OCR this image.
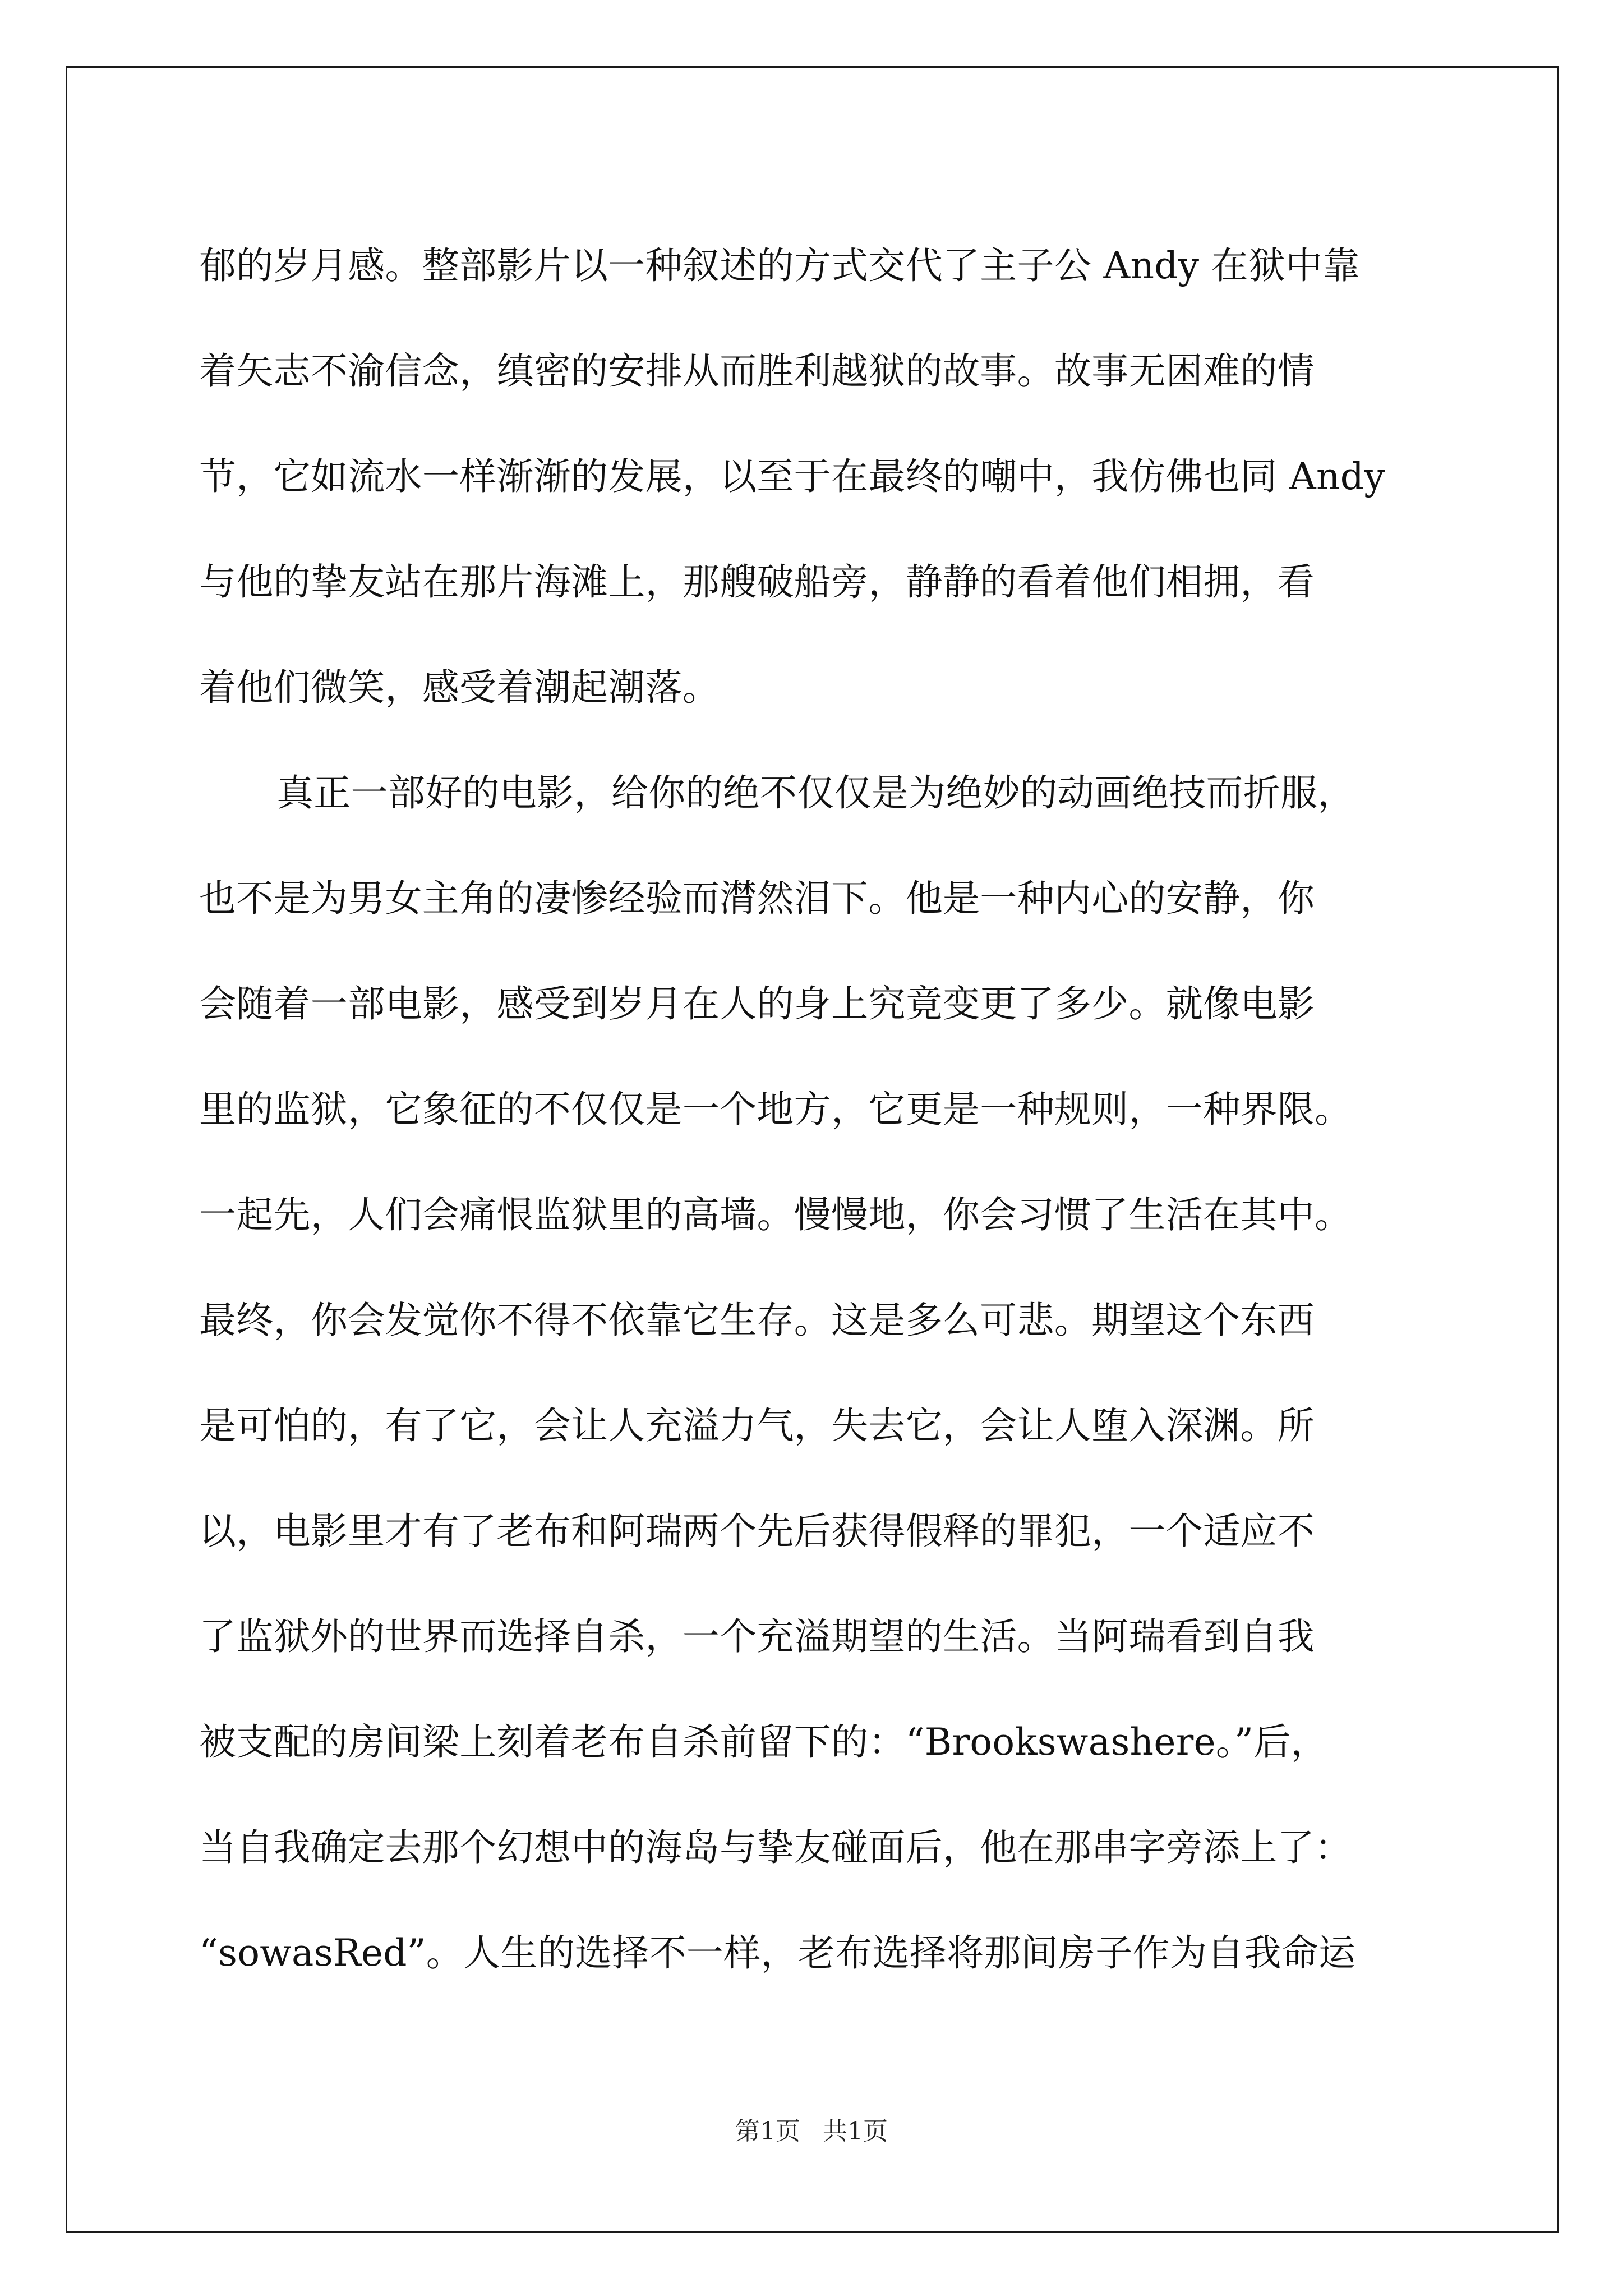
郁的岁月感。整部影片以一种叙述的方式交代了主子公 Andy 在狱中靠
着矢志不渝信念，缜密的安排从而胜利越狱的故事。故事无困难的情
节，它如流水一样渐渐的发展，以至于在最终的嘲中，我仿佛也同 Andy
与他的挚友站在那片海滩上，那艘破船旁，静静的看着他们相拥，看
着他们微笑，感受着潮起潮落。
真正一部好的电影，给你的绝不仅仅是为绝妙的动画绝技而折服，
也不是为男女主角的凄惨经验而潸然泪下。他是一种内心的安静，你
会随着一部电影，感受到岁月在人的身上究竟变更了多少。就像电影
里的监狱，它象征的不仅仅是一个地方，它更是一种规则，一种界限。
一起先，人们会痛恨监狱里的高墙。慢慢地，你会习惯了生活在其中。
最终，你会发觉你不得不依靠它生存。这是多么可悲。期望这个东西
是可怕的，有了它，会让人充溢力气，失去它，会让人堕入深渊。所
以，电影里才有了老布和阿瑞两个先后获得假释的罪犯，一个适应不
了监狱外的世界而选择自杀，一个充溢期望的生活。当阿瑞看到自我
被支配的房间梁上刻着老布自杀前留下的：“Brookswashere。”后，
当自我确定去那个幻想中的海岛与挚友碰面后，他在那串字旁添上了：
“sowasRed”。人生的选择不一样，老布选择将那间房子作为自我命运
第1页 共1页
